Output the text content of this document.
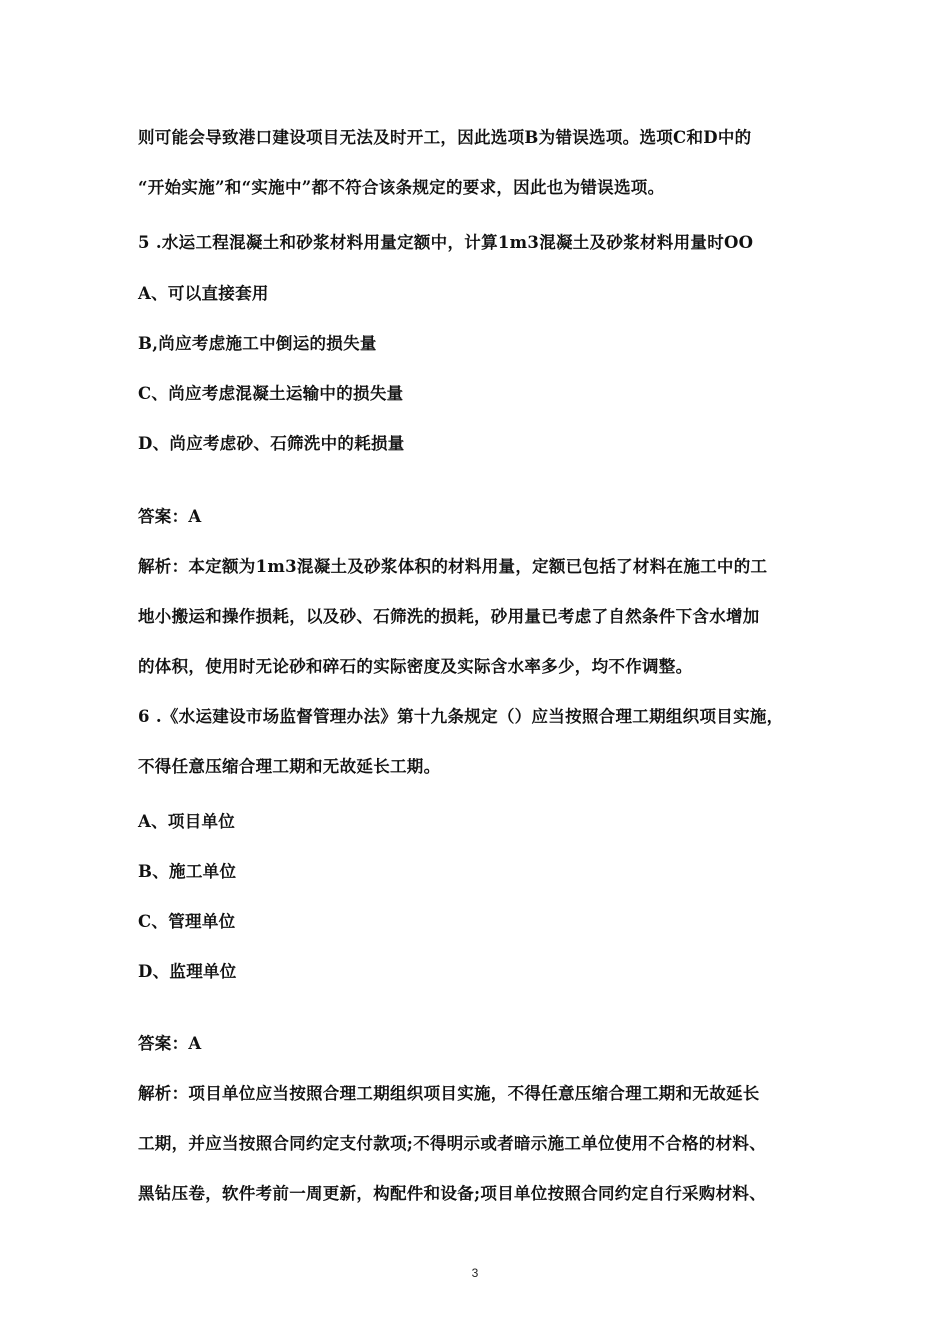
则可能会导致港口建设项目无法及时开工，因此选项B为错误选项。选项C和D中的
“开始实施”和“实施中”都不符合该条规定的要求，因此也为错误选项。
5 .水运工程混凝土和砂浆材料用量定额中，计算1m3混凝土及砂浆材料用量时OO
A、可以直接套用
B,尚应考虑施工中倒运的损失量
C、尚应考虑混凝土运输中的损失量
D、尚应考虑砂、石筛洗中的耗损量
答案：A
解析：本定额为1m3混凝土及砂浆体积的材料用量，定额已包括了材料在施工中的工
地小搬运和操作损耗，以及砂、石筛洗的损耗，砂用量已考虑了自然条件下含水增加
的体积，使用时无论砂和碎石的实际密度及实际含水率多少，均不作调整。
6 .《水运建设市场监督管理办法》第十九条规定（）应当按照合理工期组织项目实施，
不得任意压缩合理工期和无故延长工期。
A、项目单位
B、施工单位
C、管理单位
D、监理单位
答案：A
解析：项目单位应当按照合理工期组织项目实施，不得任意压缩合理工期和无故延长
工期，并应当按照合同约定支付款项;不得明示或者暗示施工单位使用不合格的材料、
黑钻压卷，软件考前一周更新，构配件和设备;项目单位按照合同约定自行采购材料、
3
